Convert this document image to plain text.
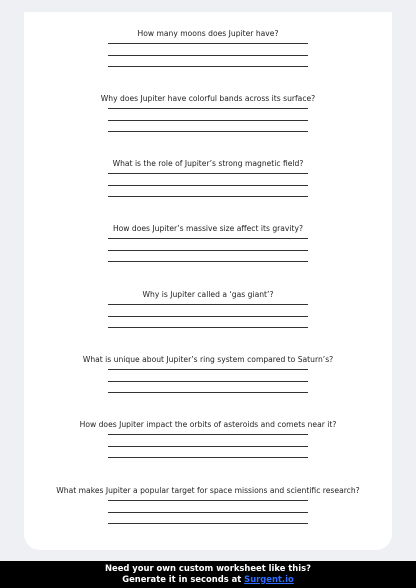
How many moons does Jupiter have?
Why does Jupiter have colorful bands across its surface?
What is the role of Jupiter’s strong magnetic field?
How does Jupiter’s massive size affect its gravity?
Why is Jupiter called a ‘gas giant’?
What is unique about Jupiter’s ring system compared to Saturn’s?
How does Jupiter impact the orbits of asteroids and comets near it?
What makes Jupiter a popular target for space missions and scientific research?
Need your own custom worksheet like this?
Generate it in seconds at Surgent.io
